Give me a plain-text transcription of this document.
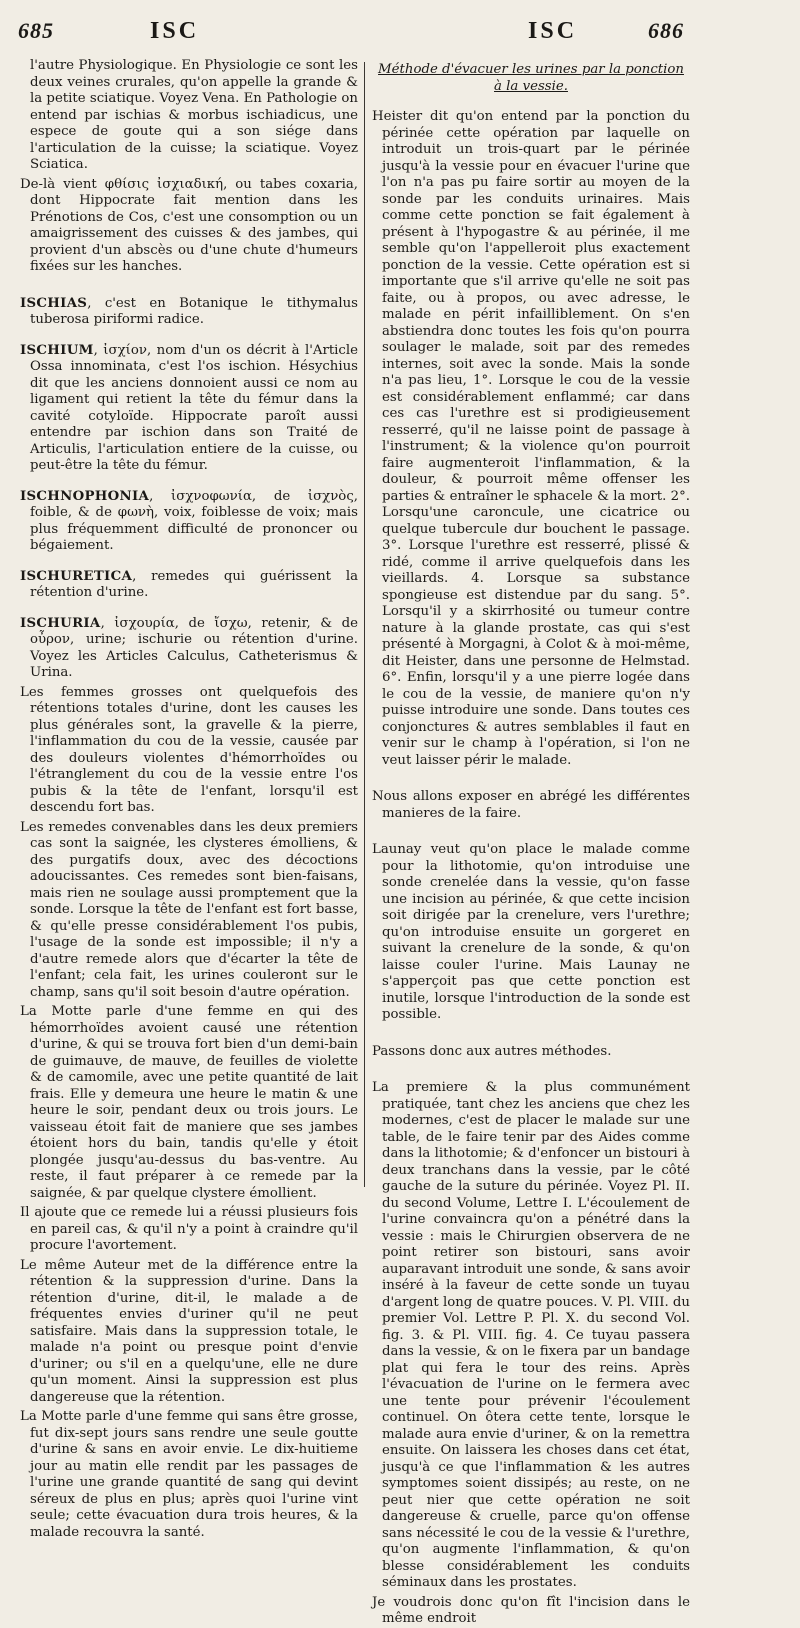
685	ISC	ISC	686

l'autre Physiologique. En Physiologie ce sont les deux veines crurales, qu'on appelle la grande & la petite sciatique. Voyez Vena. En Pathologie on entend par ischias & morbus ischiadicus, une espece de goute qui a son siége dans l'articulation de la cuisse; la sciatique. Voyez Sciatica.

De-là vient φθίσις ἰσχιαδική, ou tabes coxaria, dont Hippocrate fait mention dans les Prénotions de Cos, c'est une consomption ou un amaigrissement des cuisses & des jambes, qui provient d'un abscès ou d'une chute d'humeurs fixées sur les hanches.

ISCHIAS, c'est en Botanique le tithymalus tuberosa piriformi radice.

ISCHIUM, ἰσχίον, nom d'un os décrit à l'Article Ossa innominata, c'est l'os ischion. Hésychius dit que les anciens donnoient aussi ce nom au ligament qui retient la tête du fémur dans la cavité cotyloïde. Hippocrate paroît aussi entendre par ischion dans son Traité de Articulis, l'articulation entiere de la cuisse, ou peut-être la tête du fémur.

ISCHNOPHONIA, ἰσχνοφωνία, de ἰσχνὸς, foible, & de φωνὴ, voix, foiblesse de voix; mais plus fréquemment difficulté de prononcer ou bégaiement.

ISCHURETICA, remedes qui guérissent la rétention d'urine.

ISCHURIA, ἰσχουρία, de ἴσχω, retenir, & de οὖρον, urine; ischurie ou rétention d'urine. Voyez les Articles Calculus, Catheterismus & Urina.

Les femmes grosses ont quelquefois des rétentions totales d'urine, dont les causes les plus générales sont, la gravelle & la pierre, l'inflammation du cou de la vessie, causée par des douleurs violentes d'hémorrhoïdes ou l'étranglement du cou de la vessie entre l'os pubis & la tête de l'enfant, lorsqu'il est descendu fort bas.

Les remedes convenables dans les deux premiers cas sont la saignée, les clysteres émolliens, & des purgatifs doux, avec des décoctions adoucissantes. Ces remedes sont bien-faisans, mais rien ne soulage aussi promptement que la sonde. Lorsque la tête de l'enfant est fort basse, & qu'elle presse considérablement l'os pubis, l'usage de la sonde est impossible; il n'y a d'autre remede alors que d'écarter la tête de l'enfant; cela fait, les urines couleront sur le champ, sans qu'il soit besoin d'autre opération.

La Motte parle d'une femme en qui des hémorrhoïdes avoient causé une rétention d'urine, & qui se trouva fort bien d'un demi-bain de guimauve, de mauve, de feuilles de violette & de camomile, avec une petite quantité de lait frais. Elle y demeura une heure le matin & une heure le soir, pendant deux ou trois jours. Le vaisseau étoit fait de maniere que ses jambes étoient hors du bain, tandis qu'elle y étoit plongée jusqu'au-dessus du bas-ventre. Au reste, il faut préparer à ce remede par la saignée, & par quelque clystere émollient.

Il ajoute que ce remede lui a réussi plusieurs fois en pareil cas, & qu'il n'y a point à craindre qu'il procure l'avortement.

Le même Auteur met de la différence entre la rétention & la suppression d'urine. Dans la rétention d'urine, dit-il, le malade a de fréquentes envies d'uriner qu'il ne peut satisfaire. Mais dans la suppression totale, le malade n'a point ou presque point d'envie d'uriner; ou s'il en a quelqu'une, elle ne dure qu'un moment. Ainsi la suppression est plus dangereuse que la rétention.

La Motte parle d'une femme qui sans être grosse, fut dix-sept jours sans rendre une seule goutte d'urine & sans en avoir envie. Le dix-huitieme jour au matin elle rendit par les passages de l'urine une grande quantité de sang qui devint séreux de plus en plus; après quoi l'urine vint seule; cette évacuation dura trois heures, & la malade recouvra la santé.

Méthode d'évacuer les urines par la ponction à la vessie.

Heister dit qu'on entend par la ponction du périnée cette opération par laquelle on introduit un trois-quart par le périnée jusqu'à la vessie pour en évacuer l'urine que l'on n'a pas pu faire sortir au moyen de la sonde par les conduits urinaires. Mais comme cette ponction se fait également à présent à l'hypogastre & au périnée, il me semble qu'on l'appelleroit plus exactement ponction de la vessie. Cette opération est si importante que s'il arrive qu'elle ne soit pas faite, ou à propos, ou avec adresse, le malade en périt infailliblement. On s'en abstiendra donc toutes les fois qu'on pourra soulager le malade, soit par des remedes internes, soit avec la sonde. Mais la sonde n'a pas lieu, 1°. Lorsque le cou de la vessie est considérablement enflammé; car dans ces cas l'urethre est si prodigieusement resserré, qu'il ne laisse point de passage à l'instrument; & la violence qu'on pourroit faire augmenteroit l'inflammation, & la douleur, & pourroit même offenser les parties & entraîner le sphacele & la mort. 2°. Lorsqu'une caroncule, une cicatrice ou quelque tubercule dur bouchent le passage. 3°. Lorsque l'urethre est resserré, plissé & ridé, comme il arrive quelquefois dans les vieillards. 4. Lorsque sa substance spongieuse est distendue par du sang. 5°. Lorsqu'il y a skirrhosité ou tumeur contre nature à la glande prostate, cas qui s'est présenté à Morgagni, à Colot & à moi-même, dit Heister, dans une personne de Helmstad. 6°. Enfin, lorsqu'il y a une pierre logée dans le cou de la vessie, de maniere qu'on n'y puisse introduire une sonde. Dans toutes ces conjonctures & autres semblables il faut en venir sur le champ à l'opération, si l'on ne veut laisser périr le malade.

Nous allons exposer en abrégé les différentes manieres de la faire.

Launay veut qu'on place le malade comme pour la lithotomie, qu'on introduise une sonde crenelée dans la vessie, qu'on fasse une incision au périnée, & que cette incision soit dirigée par la crenelure, vers l'urethre; qu'on introduise ensuite un gorgeret en suivant la crenelure de la sonde, & qu'on laisse couler l'urine. Mais Launay ne s'apperçoit pas que cette ponction est inutile, lorsque l'introduction de la sonde est possible.

Passons donc aux autres méthodes.

La premiere & la plus communément pratiquée, tant chez les anciens que chez les modernes, c'est de placer le malade sur une table, de le faire tenir par des Aides comme dans la lithotomie; & d'enfoncer un bistouri à deux tranchans dans la vessie, par le côté gauche de la suture du périnée. Voyez Pl. II. du second Volume, Lettre I. L'écoulement de l'urine convaincra qu'on a pénétré dans la vessie : mais le Chirurgien observera de ne point retirer son bistouri, sans avoir auparavant introduit une sonde, & sans avoir inséré à la faveur de cette sonde un tuyau d'argent long de quatre pouces. V. Pl. VIII. du premier Vol. Lettre P. Pl. X. du second Vol. fig. 3. & Pl. VIII. fig. 4. Ce tuyau passera dans la vessie, & on le fixera par un bandage plat qui fera le tour des reins. Après l'évacuation de l'urine on le fermera avec une tente pour prévenir l'écoulement continuel. On ôtera cette tente, lorsque le malade aura envie d'uriner, & on la remettra ensuite. On laissera les choses dans cet état, jusqu'à ce que l'inflammation & les autres symptomes soient dissipés; au reste, on ne peut nier que cette opération ne soit dangereuse & cruelle, parce qu'on offense sans nécessité le cou de la vessie & l'urethre, qu'on augmente l'inflammation, & qu'on blesse considérablement les conduits séminaux dans les prostates.

Je voudrois donc qu'on fît l'incision dans le même endroit
